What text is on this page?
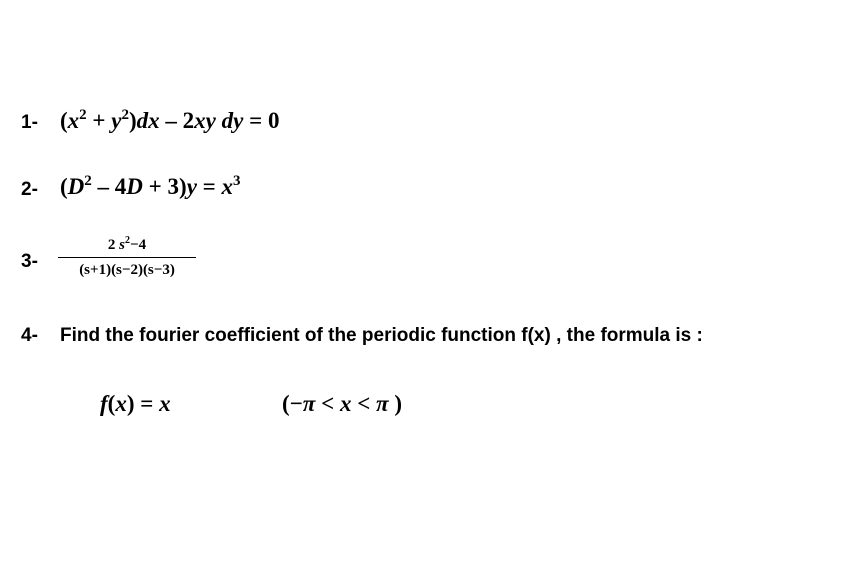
1- $(x^2 + y^2)dx - 2xy$ dy = 0
2- $(D^2 - 4D + 3)y = x^3$
3-
2 $s^2-4$
(s+1)(s−2)(s−3)
4- Find the fourier coefficient of the periodic function f(x) , the formula is :
f(x) = x	(−π < x < π )
